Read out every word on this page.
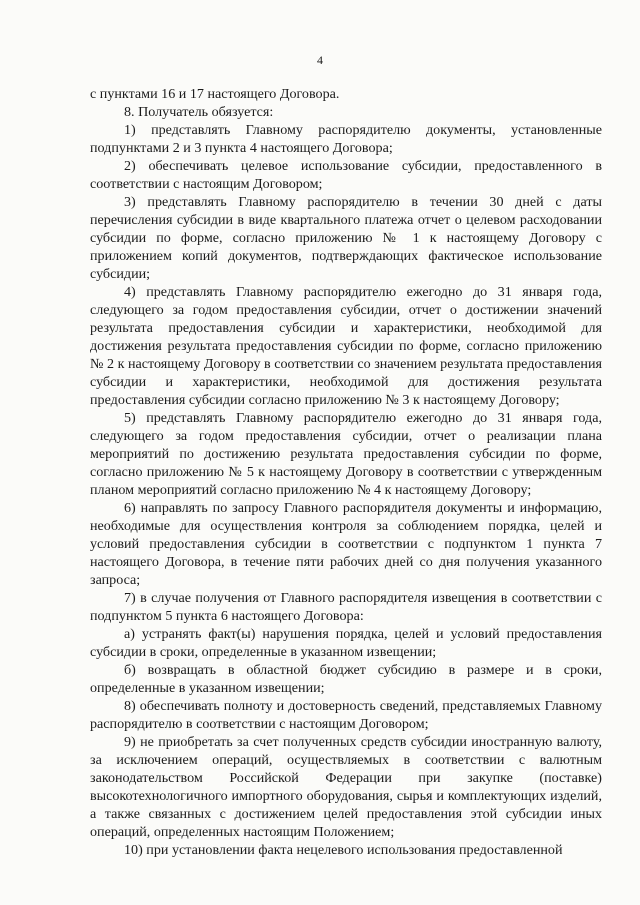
4

с пунктами 16 и 17 настоящего Договора.

8. Получатель обязуется:

1) представлять Главному распорядителю документы, установленные подпунктами 2 и 3 пункта 4 настоящего Договора;

2) обеспечивать целевое использование субсидии, предоставленного в соответствии с настоящим Договором;

3) представлять Главному распорядителю в течении 30 дней с даты перечисления субсидии в виде квартального платежа отчет о целевом расходовании субсидии по форме, согласно приложению № 1 к настоящему Договору с приложением копий документов, подтверждающих фактическое использование субсидии;

4) представлять Главному распорядителю ежегодно до 31 января года, следующего за годом предоставления субсидии, отчет о достижении значений результата предоставления субсидии и характеристики, необходимой для достижения результата предоставления субсидии по форме, согласно приложению № 2 к настоящему Договору в соответствии со значением результата предоставления субсидии и характеристики, необходимой для достижения результата предоставления субсидии согласно приложению № 3 к настоящему Договору;

5) представлять Главному распорядителю ежегодно до 31 января года, следующего за годом предоставления субсидии, отчет о реализации плана мероприятий по достижению результата предоставления субсидии по форме, согласно приложению № 5 к настоящему Договору в соответствии с утвержденным планом мероприятий согласно приложению № 4 к настоящему Договору;

6) направлять по запросу Главного распорядителя документы и информацию, необходимые для осуществления контроля за соблюдением порядка, целей и условий предоставления субсидии в соответствии с подпунктом 1 пункта 7 настоящего Договора, в течение пяти рабочих дней со дня получения указанного запроса;

7) в случае получения от Главного распорядителя извещения в соответствии с подпунктом 5 пункта 6 настоящего Договора:

а) устранять факт(ы) нарушения порядка, целей и условий предоставления субсидии в сроки, определенные в указанном извещении;

б) возвращать в областной бюджет субсидию в размере и в сроки, определенные в указанном извещении;

8) обеспечивать полноту и достоверность сведений, представляемых Главному распорядителю в соответствии с настоящим Договором;

9) не приобретать за счет полученных средств субсидии иностранную валюту, за исключением операций, осуществляемых в соответствии с валютным законодательством Российской Федерации при закупке (поставке) высокотехнологичного импортного оборудования, сырья и комплектующих изделий, а также связанных с достижением целей предоставления этой субсидии иных операций, определенных настоящим Положением;

10) при установлении факта нецелевого использования предоставленной
